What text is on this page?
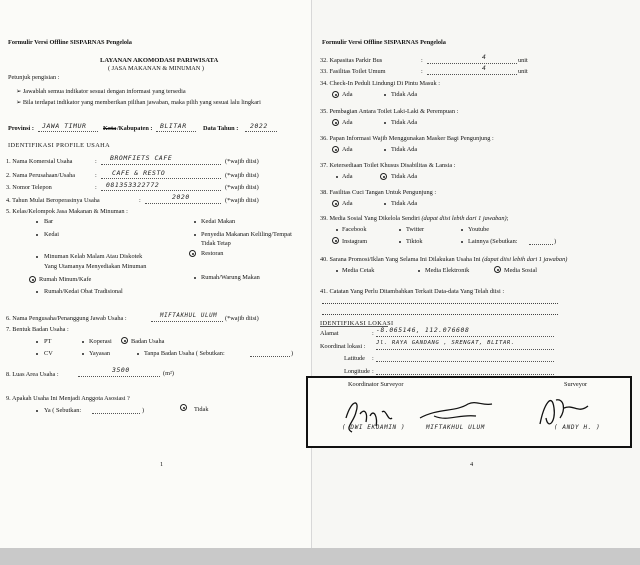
Formulir Versi Offline SISPARNAS Pengelola
LAYANAN AKOMODASI PARIWISATA
( JASA MAKANAN & MINUMAN )
Petunjuk pengisian :
➢ Jawablah semua indikator sesuai dengan informasi yang tersedia
➢ Bila terdapat indikator yang memberikan pilihan jawaban, maka pilih yang sesuai lalu lingkari
Provinsi : JAWA TIMUR	Kota /Kabupaten : BLITAR	Data Tahun : 2022
IDENTIFIKASI PROFILE USAHA
1. Nama Komersial Usaha	: BROMFIETS CAFE	(*wajib diisi)
2. Nama Perusahaan/Usaha	: CAFE & RESTO	(*wajib diisi)
3. Nomor Telepon	: 081353322772	(*wajib diisi)
4. Tahun Mulai Beroperasinya Usaha	:	2020	(*wajib diisi)
5. Kelas/Kelompok Jasa Makanan & Minuman :
Bar
Kedai
Kedai Makan
Penyedia Makanan Keliling/Tempat
Tidak Tetap
Restoran
Minuman Kelab Malam Atau Diskotek
Yang Utamanya Menyediakan Minuman
Rumah Minum/Kafe	Rumah/Warung Makan
Rumah/Kedai Obat Tradisional
6. Nama Pengusaha/Penanggung Jawab Usaha :	MIFTAKHUL ULUM (*wajib diisi)
7. Bentuk Badan Usaha :
PT	Koperasi	Badan Usaha
CV	Yayasan	Tanpa Badan Usaha ( Sebutkan:	)
8. Luas Area Usaha :
3500	(m²)
9. Apakah Usaha Ini Menjadi Anggota Asosiasi ?
Ya ( Sebutkan:	)	Tidak
1
Formulir Versi Offline SISPARNAS Pengelola
32. Kapasitas Parkir Bus	:	4	unit
33. Fasilitas Toilet Umum	:	4	unit
34. Check-In Peduli Lindungi Di Pintu Masuk :
Ada	Tidak Ada
35. Pembagian Antara Toilet Laki-Laki & Perempuan :
Ada	Tidak Ada
36. Papan Informasi Wajib Menggunakan Masker Bagi Pengunjung :
Ada	Tidak Ada
37. Ketersediaan Toilet Khusus Disabilitas & Lansia :
Ada	Tidak Ada
38. Fasilitas Cuci Tangan Untuk Pengunjung :
Ada	Tidak Ada
39. Media Sosial Yang Dikelola Sendiri (dapat diisi lebih dari 1 jawaban);
Facebook	Twitter	Youtube
Instagram	Tiktok	Lainnya (Sebutkan:	)
40. Sarana Promosi/Iklan Yang Selama Ini Dilakukan Usaha Ini (dapat diisi lebih dari 1 jawaban)
Media Cetak	Media Elektronik	Media Sosial
41. Catatan Yang Perlu Ditambahkan Terkait Data-data Yang Telah diisi :
IDENTIFIKASI LOKASI
Alamat	: -8.065146, 112.076608
Koordinat lokasi : Jl. RAYA GANDANG , SRENGAT, BLITAR.
Latitude :
Longitude :
4
Koordinator Surveyor	Surveyor
( DWI EKOAMIN )	MIFTAKHUL ULUM	( ANDY H. )
